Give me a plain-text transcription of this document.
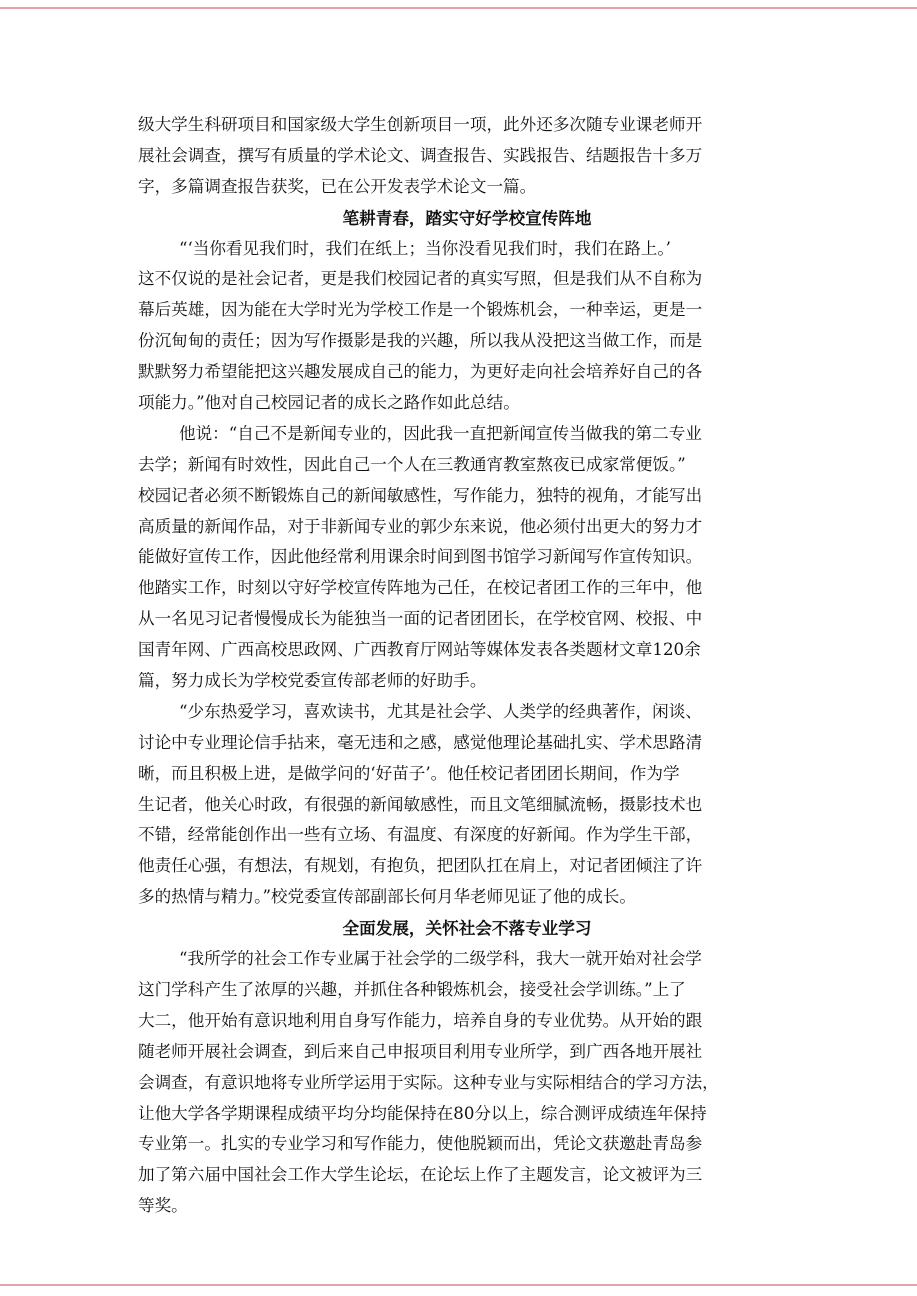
级大学生科研项目和国家级大学生创新项目一项，此外还多次随专业课老师开
展社会调查，撰写有质量的学术论文、调查报告、实践报告、结题报告十多万
字，多篇调查报告获奖，已在公开发表学术论文一篇。
笔耕青春，踏实守好学校宣传阵地
“‘当你看见我们时，我们在纸上；当你没看见我们时，我们在路上。’
这不仅说的是社会记者，更是我们校园记者的真实写照，但是我们从不自称为
幕后英雄，因为能在大学时光为学校工作是一个锻炼机会，一种幸运，更是一
份沉甸甸的责任；因为写作摄影是我的兴趣，所以我从没把这当做工作，而是
默默努力希望能把这兴趣发展成自己的能力，为更好走向社会培养好自己的各
项能力。”他对自己校园记者的成长之路作如此总结。
他说：“自己不是新闻专业的，因此我一直把新闻宣传当做我的第二专业
去学；新闻有时效性，因此自己一个人在三教通宵教室熬夜已成家常便饭。”
校园记者必须不断锻炼自己的新闻敏感性，写作能力，独特的视角，才能写出
高质量的新闻作品，对于非新闻专业的郭少东来说，他必须付出更大的努力才
能做好宣传工作，因此他经常利用课余时间到图书馆学习新闻写作宣传知识。
他踏实工作，时刻以守好学校宣传阵地为己任，在校记者团工作的三年中，他
从一名见习记者慢慢成长为能独当一面的记者团团长，在学校官网、校报、中
国青年网、广西高校思政网、广西教育厅网站等媒体发表各类题材文章120余
篇，努力成长为学校党委宣传部老师的好助手。
“少东热爱学习，喜欢读书，尤其是社会学、人类学的经典著作，闲谈、
讨论中专业理论信手拈来，毫无违和之感，感觉他理论基础扎实、学术思路清
晰，而且积极上进，是做学问的‘好苗子’。他任校记者团团长期间，作为学
生记者，他关心时政，有很强的新闻敏感性，而且文笔细腻流畅，摄影技术也
不错，经常能创作出一些有立场、有温度、有深度的好新闻。作为学生干部，
他责任心强，有想法，有规划，有抱负，把团队扛在肩上，对记者团倾注了许
多的热情与精力。”校党委宣传部副部长何月华老师见证了他的成长。
全面发展，关怀社会不落专业学习
“我所学的社会工作专业属于社会学的二级学科，我大一就开始对社会学
这门学科产生了浓厚的兴趣，并抓住各种锻炼机会，接受社会学训练。”上了
大二，他开始有意识地利用自身写作能力，培养自身的专业优势。从开始的跟
随老师开展社会调查，到后来自己申报项目利用专业所学，到广西各地开展社
会调查，有意识地将专业所学运用于实际。这种专业与实际相结合的学习方法，
让他大学各学期课程成绩平均分均能保持在80分以上，综合测评成绩连年保持
专业第一。扎实的专业学习和写作能力，使他脱颖而出，凭论文获邀赴青岛参
加了第六届中国社会工作大学生论坛，在论坛上作了主题发言，论文被评为三
等奖。
